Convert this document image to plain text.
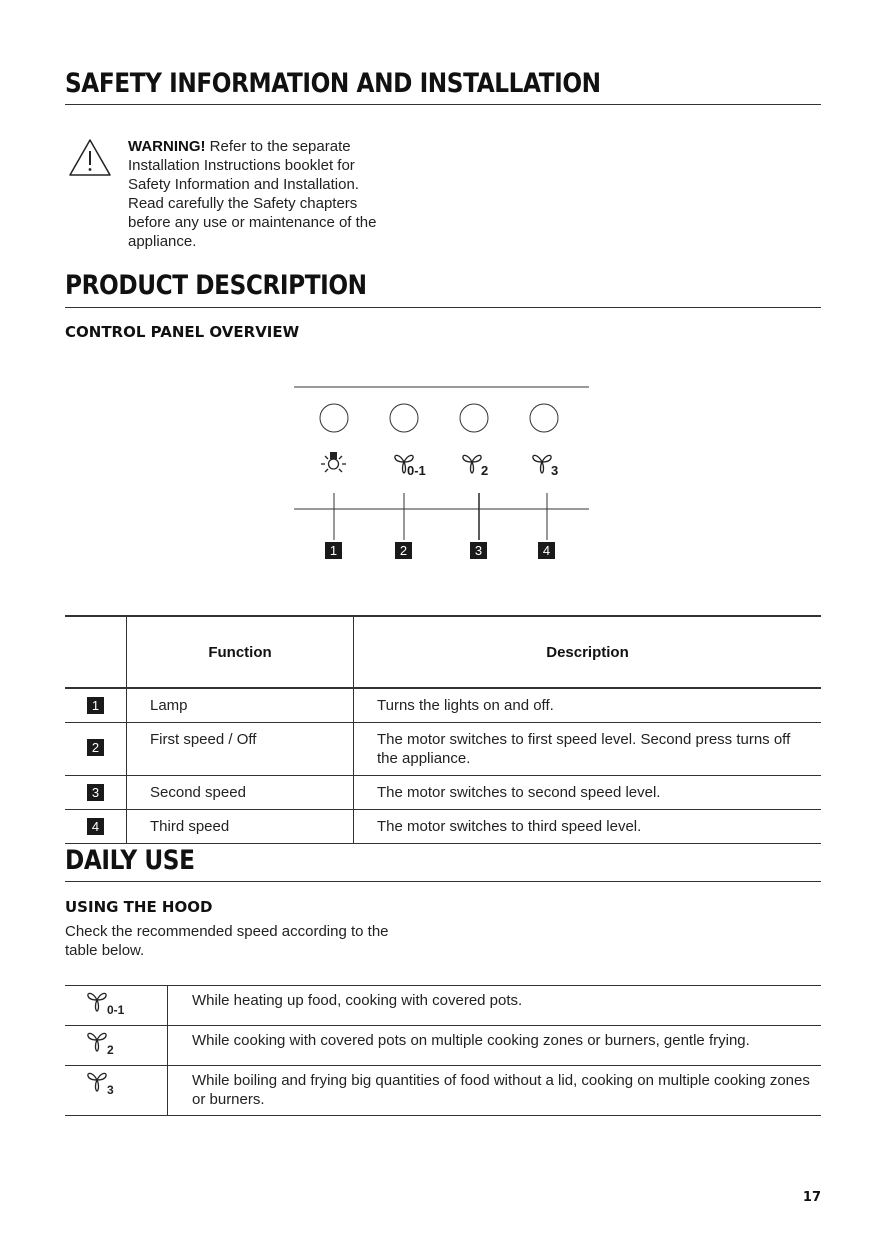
SAFETY INFORMATION AND INSTALLATION

WARNING! Refer to the separate Installation Instructions booklet for Safety Information and Installation. Read carefully the Safety chapters before any use or maintenance of the appliance.

PRODUCT DESCRIPTION
CONTROL PANEL OVERVIEW
0-1	2	3
1	2	3	4
	Function	Description
1	Lamp	Turns the lights on and off.
2	First speed / Off	The motor switches to first speed level. Second press turns off the appliance.
3	Second speed	The motor switches to second speed level.
4	Third speed	The motor switches to third speed level.
DAILY USE
USING THE HOOD

Check the recommended speed according to the table below.

$_{0-1}$	While heating up food, cooking with covered pots.
$_2$	While cooking with covered pots on multiple cooking zones or burners, gentle frying.
$_3$	While boiling and frying big quantities of food without a lid, cooking on multiple cooking zones or burners.
17
